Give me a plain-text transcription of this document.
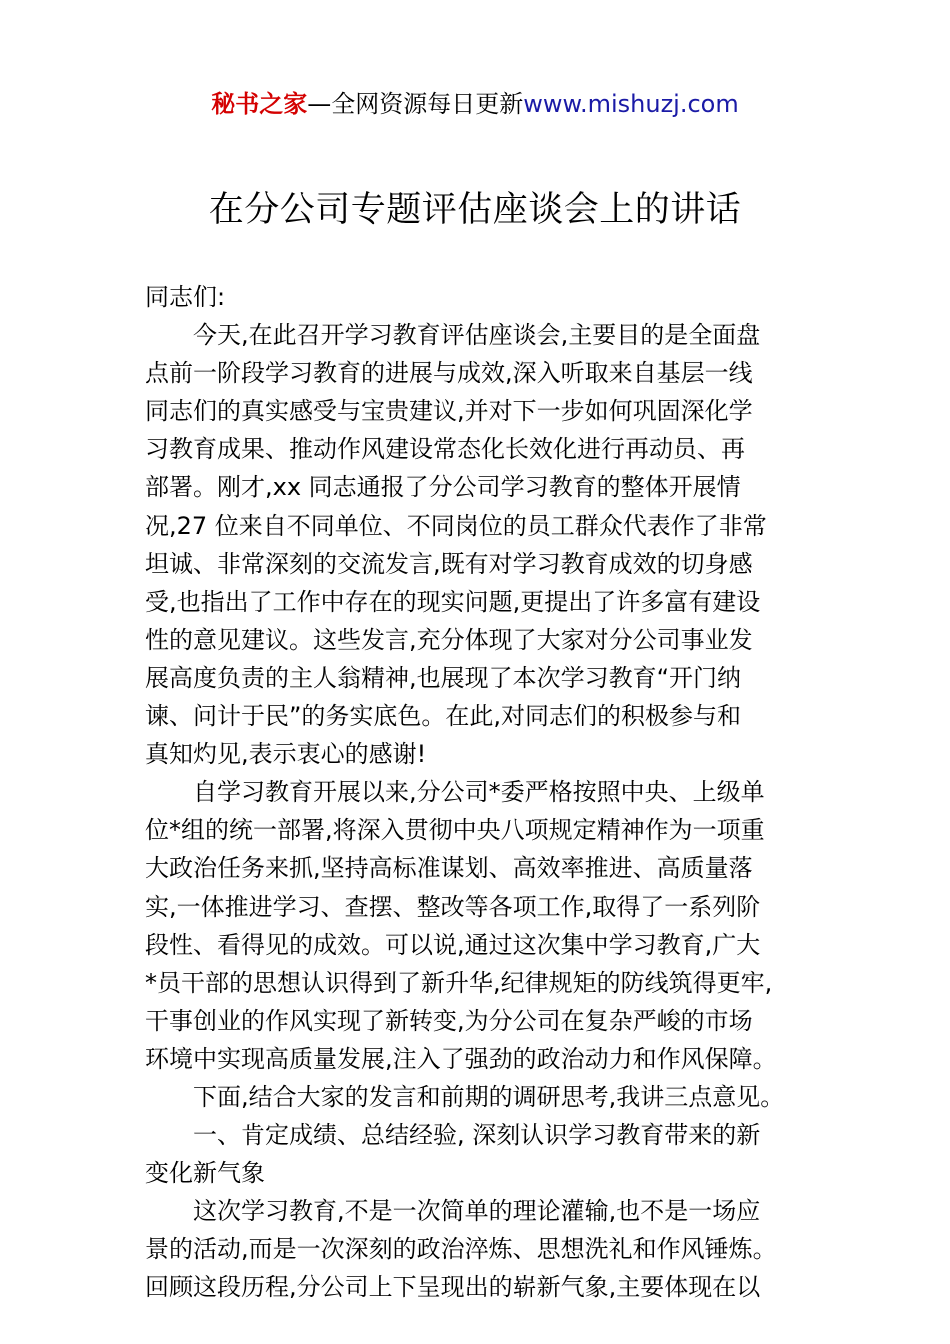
秘书之家—全网资源每日更新www.mishuzj.com
在分公司专题评估座谈会上的讲话
同志们:
今天,在此召开学习教育评估座谈会,主要目的是全面盘
点前一阶段学习教育的进展与成效,深入听取来自基层一线
同志们的真实感受与宝贵建议,并对下一步如何巩固深化学
习教育成果、推动作风建设常态化长效化进行再动员、再
部署。刚才,xx 同志通报了分公司学习教育的整体开展情
况,27 位来自不同单位、不同岗位的员工群众代表作了非常
坦诚、非常深刻的交流发言,既有对学习教育成效的切身感
受,也指出了工作中存在的现实问题,更提出了许多富有建设
性的意见建议。这些发言,充分体现了大家对分公司事业发
展高度负责的主人翁精神,也展现了本次学习教育“开门纳
谏、问计于民”的务实底色。在此,对同志们的积极参与和
真知灼见,表示衷心的感谢!
自学习教育开展以来,分公司*委严格按照中央、上级单
位*组的统一部署,将深入贯彻中央八项规定精神作为一项重
大政治任务来抓,坚持高标准谋划、高效率推进、高质量落
实,一体推进学习、查摆、整改等各项工作,取得了一系列阶
段性、看得见的成效。可以说,通过这次集中学习教育,广大
*员干部的思想认识得到了新升华,纪律规矩的防线筑得更牢,
干事创业的作风实现了新转变,为分公司在复杂严峻的市场
环境中实现高质量发展,注入了强劲的政治动力和作风保障。
下面,结合大家的发言和前期的调研思考,我讲三点意见。
一、肯定成绩、总结经验, 深刻认识学习教育带来的新
变化新气象
这次学习教育,不是一次简单的理论灌输,也不是一场应
景的活动,而是一次深刻的政治淬炼、思想洗礼和作风锤炼。
回顾这段历程,分公司上下呈现出的崭新气象,主要体现在以
